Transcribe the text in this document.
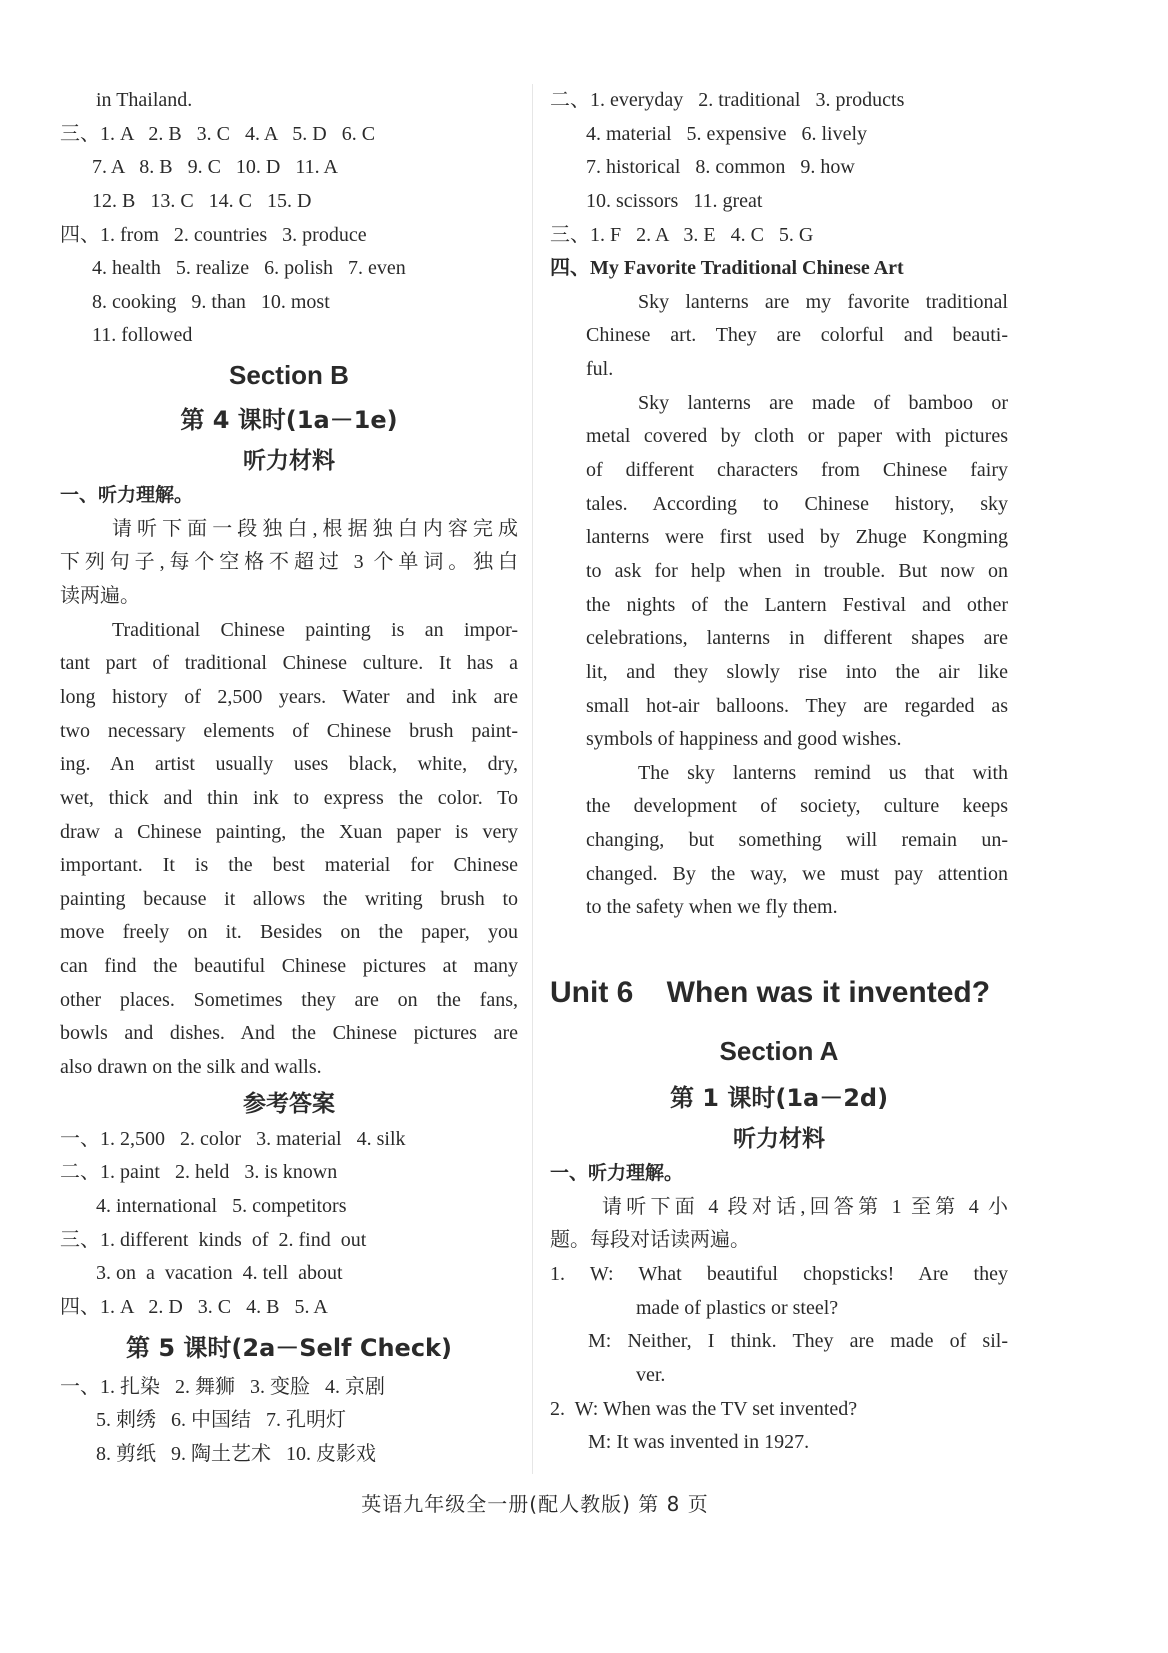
in Thailand.
三、1. A   2. B   3. C   4. A   5. D   6. C
7. A   8. B   9. C   10. D   11. A
12. B   13. C   14. C   15. D
四、1. from   2. countries   3. produce
4. health   5. realize   6. polish   7. even
8. cooking   9. than   10. most
11. followed
Section B
第 4 课时(1a－1e)
听力材料
一、听力理解。
请听下面一段独白,根据独白内容完成
下列句子,每个空格不超过 3 个单词。独白
读两遍。
Traditional Chinese painting is an impor-
tant part of traditional Chinese culture. It has a
long history of 2,500 years. Water and ink are
two necessary elements of Chinese brush paint-
ing. An artist usually uses black, white, dry,
wet, thick and thin ink to express the color. To
draw a Chinese painting, the Xuan paper is very
important. It is the best material for Chinese
painting because it allows the writing brush to
move freely on it. Besides on the paper, you
can find the beautiful Chinese pictures at many
other places. Sometimes they are on the fans,
bowls and dishes. And the Chinese pictures are
also drawn on the silk and walls.
参考答案
一、1. 2,500   2. color   3. material   4. silk
二、1. paint   2. held   3. is known
4. international   5. competitors
三、1. different  kinds  of  2. find  out
3. on  a  vacation  4. tell  about
四、1. A   2. D   3. C   4. B   5. A
第 5 课时(2a－Self Check)
一、1. 扎染   2. 舞狮   3. 变脸   4. 京剧
5. 刺绣   6. 中国结   7. 孔明灯
8. 剪纸   9. 陶土艺术   10. 皮影戏
二、1. everyday   2. traditional   3. products
4. material   5. expensive   6. lively
7. historical   8. common   9. how
10. scissors   11. great
三、1. F   2. A   3. E   4. C   5. G
四、My Favorite Traditional Chinese Art
Sky lanterns are my favorite traditional
Chinese art. They are colorful and beauti-
ful.
Sky lanterns are made of bamboo or
metal covered by cloth or paper with pictures
of different characters from Chinese fairy
tales. According to Chinese history, sky
lanterns were first used by Zhuge Kongming
to ask for help when in trouble. But now on
the nights of the Lantern Festival and other
celebrations, lanterns in different shapes are
lit, and they slowly rise into the air like
small hot-air balloons. They are regarded as
symbols of happiness and good wishes.
The sky lanterns remind us that with
the development of society, culture keeps
changing, but something will remain un-
changed. By the way, we must pay attention
to the safety when we fly them.
Unit 6    When was it invented?
Section A
第 1 课时(1a－2d)
听力材料
一、听力理解。
请听下面 4 段对话,回答第 1 至第 4 小
题。每段对话读两遍。
1. W: What beautiful chopsticks! Are they
made of plastics or steel?
M: Neither, I think. They are made of sil-
ver.
2.  W: When was the TV set invented?
M: It was invented in 1927.
英语九年级全一册(配人教版) 第 8 页
